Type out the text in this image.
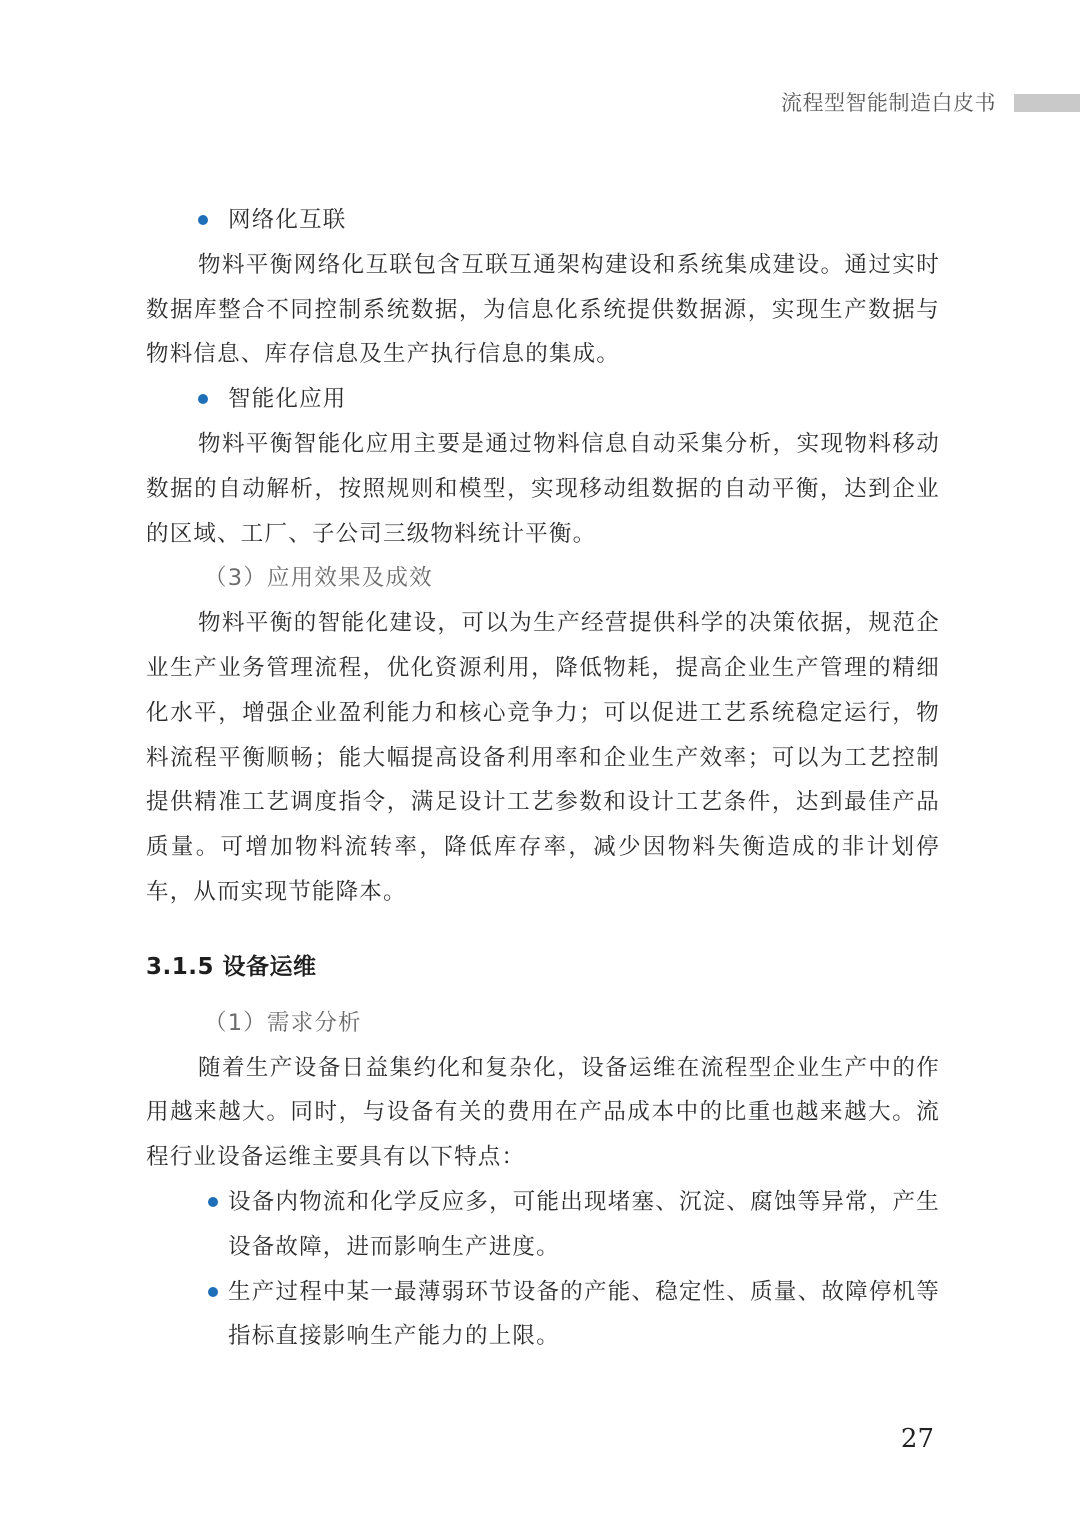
流程型智能制造白皮书

网络化互联

物料平衡网络化互联包含互联互通架构建设和系统集成建设。通过实时数据库整合不同控制系统数据，为信息化系统提供数据源，实现生产数据与物料信息、库存信息及生产执行信息的集成。

智能化应用

物料平衡智能化应用主要是通过物料信息自动采集分析，实现物料移动数据的自动解析，按照规则和模型，实现移动组数据的自动平衡，达到企业的区域、工厂、子公司三级物料统计平衡。

（3）应用效果及成效

物料平衡的智能化建设，可以为生产经营提供科学的决策依据，规范企业生产业务管理流程，优化资源利用，降低物耗，提高企业生产管理的精细化水平，增强企业盈利能力和核心竞争力；可以促进工艺系统稳定运行，物料流程平衡顺畅；能大幅提高设备利用率和企业生产效率；可以为工艺控制提供精准工艺调度指令，满足设计工艺参数和设计工艺条件，达到最佳产品质量。可增加物料流转率，降低库存率，减少因物料失衡造成的非计划停车，从而实现节能降本。

3.1.5 设备运维

（1）需求分析

随着生产设备日益集约化和复杂化，设备运维在流程型企业生产中的作用越来越大。同时，与设备有关的费用在产品成本中的比重也越来越大。流程行业设备运维主要具有以下特点：

设备内物流和化学反应多，可能出现堵塞、沉淀、腐蚀等异常，产生设备故障，进而影响生产进度。

生产过程中某一最薄弱环节设备的产能、稳定性、质量、故障停机等指标直接影响生产能力的上限。

27
